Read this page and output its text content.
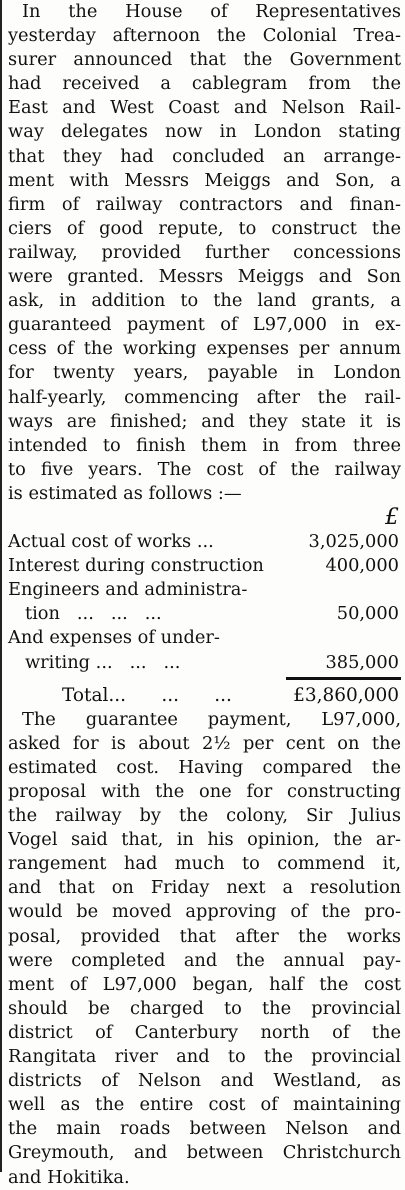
In the House of Representatives
yesterday afternoon the Colonial Trea-
surer announced that the Government
had received a cablegram from the
East and West Coast and Nelson Rail-
way delegates now in London stating
that they had concluded an arrange-
ment with Messrs Meiggs and Son, a
firm of railway contractors and finan-
ciers of good repute, to construct the
railway, provided further concessions
were granted. Messrs Meiggs and Son
ask, in addition to the land grants, a
guaranteed payment of L97,000 in ex-
cess of the working expenses per annum
for twenty years, payable in London
half-yearly, commencing after the rail-
ways are finished; and they state it is
intended to finish them in from three
to five years. The cost of the railway
is estimated as follows :—
£
Actual cost of works ...	3,025,000
Interest during construction	400,000
Engineers and administra-
tion   ...   ...   ...	50,000
And expenses of under-
writing ...   ...   ...	385,000
Total...      ...      ...	£3,860,000
The guarantee payment, L97,000,
asked for is about 2½ per cent on the
estimated cost. Having compared the
proposal with the one for constructing
the railway by the colony, Sir Julius
Vogel said that, in his opinion, the ar-
rangement had much to commend it,
and that on Friday next a resolution
would be moved approving of the pro-
posal, provided that after the works
were completed and the annual pay-
ment of L97,000 began, half the cost
should be charged to the provincial
district of Canterbury north of the
Rangitata river and to the provincial
districts of Nelson and Westland, as
well as the entire cost of maintaining
the main roads between Nelson and
Greymouth, and between Christchurch
and Hokitika.
